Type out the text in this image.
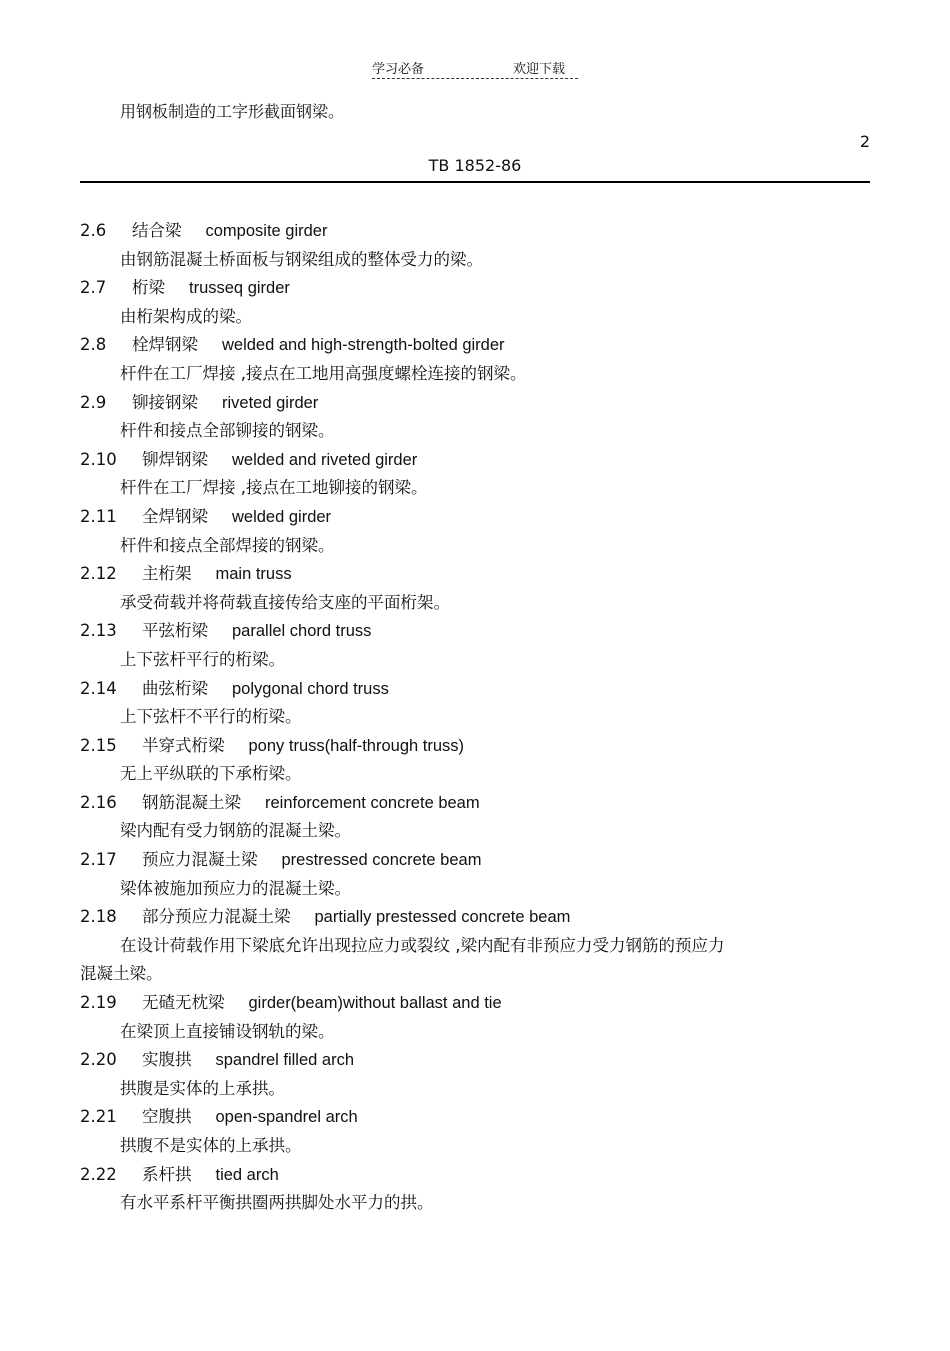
学习必备	欢迎下载
用钢板制造的工字形截面钢梁。
2
TB 1852-86
2.6 结合梁 composite girder

由钢筋混凝土桥面板与钢梁组成的整体受力的梁。

2.7 桁梁 trusseq girder

由桁架构成的梁。

2.8 栓焊钢梁 welded and high-strength-bolted girder

杆件在工厂焊接 ,接点在工地用高强度螺栓连接的钢梁。

2.9 铆接钢梁 riveted girder

杆件和接点全部铆接的钢梁。

2.10 铆焊钢梁 welded and riveted girder

杆件在工厂焊接 ,接点在工地铆接的钢梁。

2.11 全焊钢梁 welded girder

杆件和接点全部焊接的钢梁。

2.12 主桁架 main truss

承受荷载并将荷载直接传给支座的平面桁架。

2.13 平弦桁梁 parallel chord truss

上下弦杆平行的桁梁。

2.14 曲弦桁梁 polygonal chord truss

上下弦杆不平行的桁梁。

2.15 半穿式桁梁 pony truss(half-through truss)

无上平纵联的下承桁梁。

2.16 钢筋混凝土梁 reinforcement concrete beam

梁内配有受力钢筋的混凝土梁。

2.17 预应力混凝土梁 prestressed concrete beam

梁体被施加预应力的混凝土梁。

2.18 部分预应力混凝土梁 partially prestessed concrete beam

在设计荷载作用下梁底允许出现拉应力或裂纹 ,梁内配有非预应力受力钢筋的预应力

混凝土梁。

2.19 无碴无枕梁 girder(beam)without ballast and tie

在梁顶上直接铺设钢轨的梁。

2.20 实腹拱 spandrel filled arch

拱腹是实体的上承拱。

2.21 空腹拱 open-spandrel arch

拱腹不是实体的上承拱。

2.22 系杆拱 tied arch

有水平系杆平衡拱圈两拱脚处水平力的拱。
